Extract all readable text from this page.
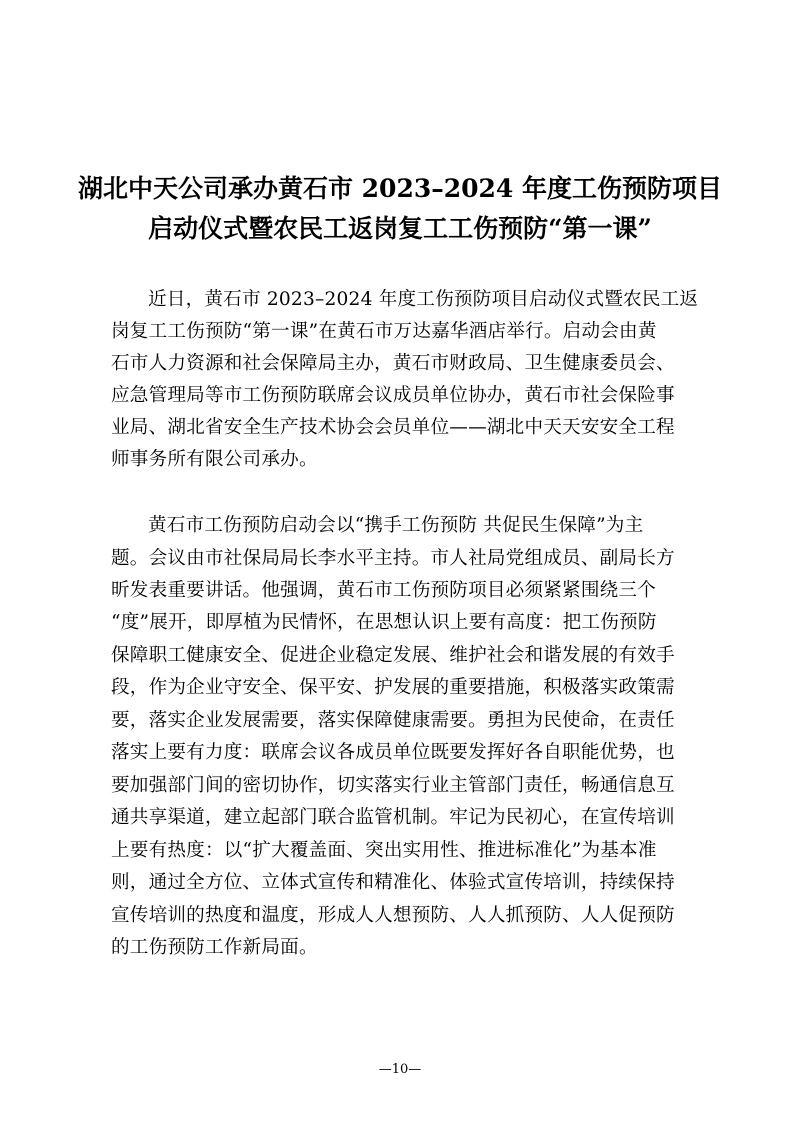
湖北中天公司承办黄石市 2023–2024 年度工伤预防项目
启动仪式暨农民工返岗复工工伤预防“第一课”
近日，黄石市 2023–2024 年度工伤预防项目启动仪式暨农民工返
岗复工工伤预防“第一课”在黄石市万达嘉华酒店举行。启动会由黄
石市人力资源和社会保障局主办，黄石市财政局、卫生健康委员会、
应急管理局等市工伤预防联席会议成员单位协办，黄石市社会保险事
业局、湖北省安全生产技术协会会员单位——湖北中天天安安全工程
师事务所有限公司承办。
黄石市工伤预防启动会以“携手工伤预防 共促民生保障”为主
题。会议由市社保局局长李水平主持。市人社局党组成员、副局长方
昕发表重要讲话。他强调，黄石市工伤预防项目必须紧紧围绕三个
“度”展开，即厚植为民情怀，在思想认识上要有高度：把工伤预防
保障职工健康安全、促进企业稳定发展、维护社会和谐发展的有效手
段，作为企业守安全、保平安、护发展的重要措施，积极落实政策需
要，落实企业发展需要，落实保障健康需要。勇担为民使命，在责任
落实上要有力度：联席会议各成员单位既要发挥好各自职能优势，也
要加强部门间的密切协作，切实落实行业主管部门责任，畅通信息互
通共享渠道，建立起部门联合监管机制。牢记为民初心，在宣传培训
上要有热度：以“扩大覆盖面、突出实用性、推进标准化”为基本准
则，通过全方位、立体式宣传和精准化、体验式宣传培训，持续保持
宣传培训的热度和温度，形成人人想预防、人人抓预防、人人促预防
的工伤预防工作新局面。
—10—
